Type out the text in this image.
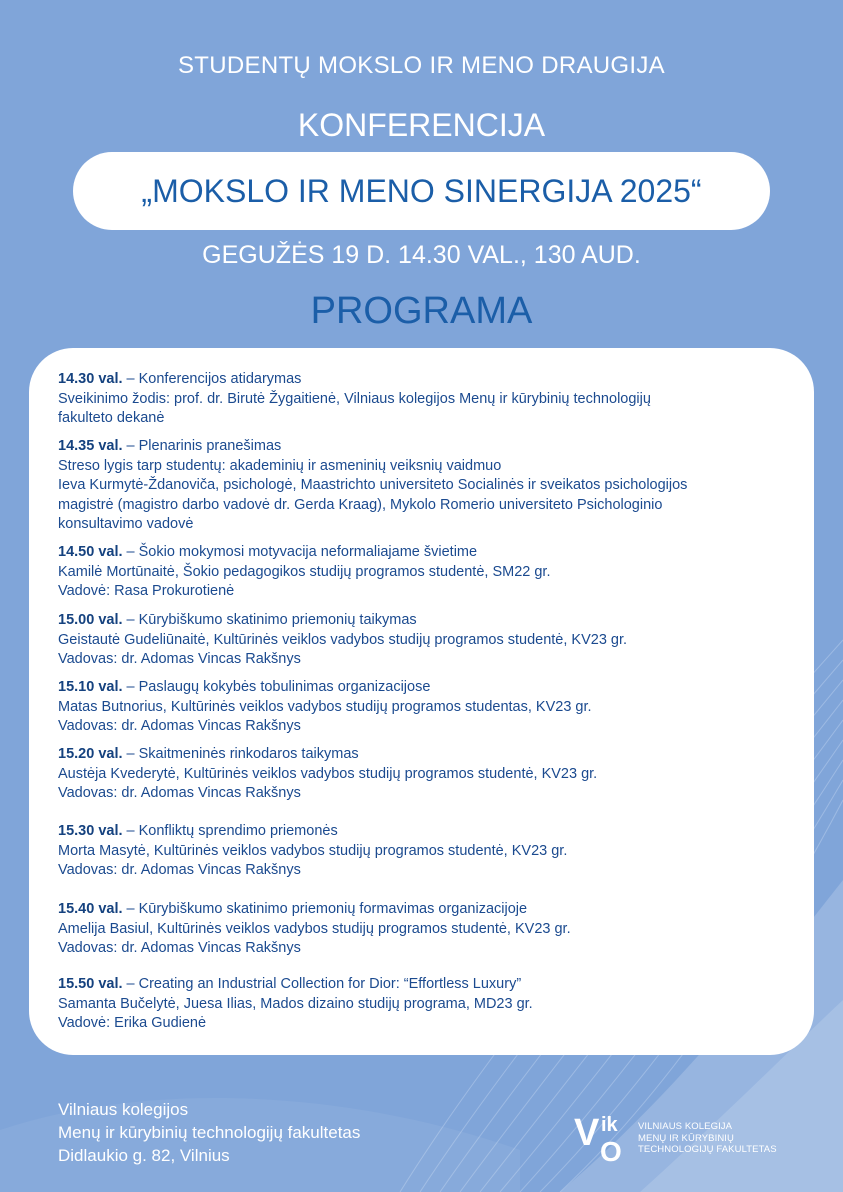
STUDENTŲ MOKSLO IR MENO DRAUGIJA
KONFERENCIJA
„MOKSLO IR MENO SINERGIJA 2025“
GEGUŽĖS 19 D. 14.30 VAL., 130 AUD.
PROGRAMA
14.30 val. – Konferencijos atidarymas
Sveikinimo žodis: prof. dr. Birutė Žygaitienė, Vilniaus kolegijos Menų ir kūrybinių technologijų
fakulteto dekanė
14.35 val. – Plenarinis pranešimas
Streso lygis tarp studentų: akademinių ir asmeninių veiksnių vaidmuo
Ieva Kurmytė-Ždanoviča, psichologė, Maastrichto universiteto Socialinės ir sveikatos psichologijos
magistrė (magistro darbo vadovė dr. Gerda Kraag), Mykolo Romerio universiteto Psichologinio
konsultavimo vadovė
14.50 val. – Šokio mokymosi motyvacija neformaliajame švietime
Kamilė Mortūnaitė, Šokio pedagogikos studijų programos studentė, SM22 gr.
Vadovė: Rasa Prokurotienė
15.00 val. – Kūrybiškumo skatinimo priemonių taikymas
Geistautė Gudeliūnaitė, Kultūrinės veiklos vadybos studijų programos studentė, KV23 gr.
Vadovas: dr. Adomas Vincas Rakšnys
15.10 val. – Paslaugų kokybės tobulinimas organizacijose
Matas Butnorius, Kultūrinės veiklos vadybos studijų programos studentas, KV23 gr.
Vadovas: dr. Adomas Vincas Rakšnys
15.20 val. – Skaitmeninės rinkodaros taikymas
Austėja Kvederytė, Kultūrinės veiklos vadybos studijų programos studentė, KV23 gr.
Vadovas: dr. Adomas Vincas Rakšnys
15.30 val. – Konfliktų sprendimo priemonės
Morta Masytė, Kultūrinės veiklos vadybos studijų programos studentė, KV23 gr.
Vadovas: dr. Adomas Vincas Rakšnys
15.40 val. – Kūrybiškumo skatinimo priemonių formavimas organizacijoje
Amelija Basiul, Kultūrinės veiklos vadybos studijų programos studentė, KV23 gr.
Vadovas: dr. Adomas Vincas Rakšnys
15.50 val. – Creating an Industrial Collection for Dior: “Effortless Luxury”
Samanta Bučelytė, Juesa Ilias, Mados dizaino studijų programa, MD23 gr.
Vadovė: Erika Gudienė
Vilniaus kolegijos
Menų ir kūrybinių technologijų fakultetas
Didlaukio g. 82, Vilnius
V ik
O
VILNIAUS KOLEGIJA
MENŲ IR KŪRYBINIŲ
TECHNOLOGIJŲ FAKULTETAS
